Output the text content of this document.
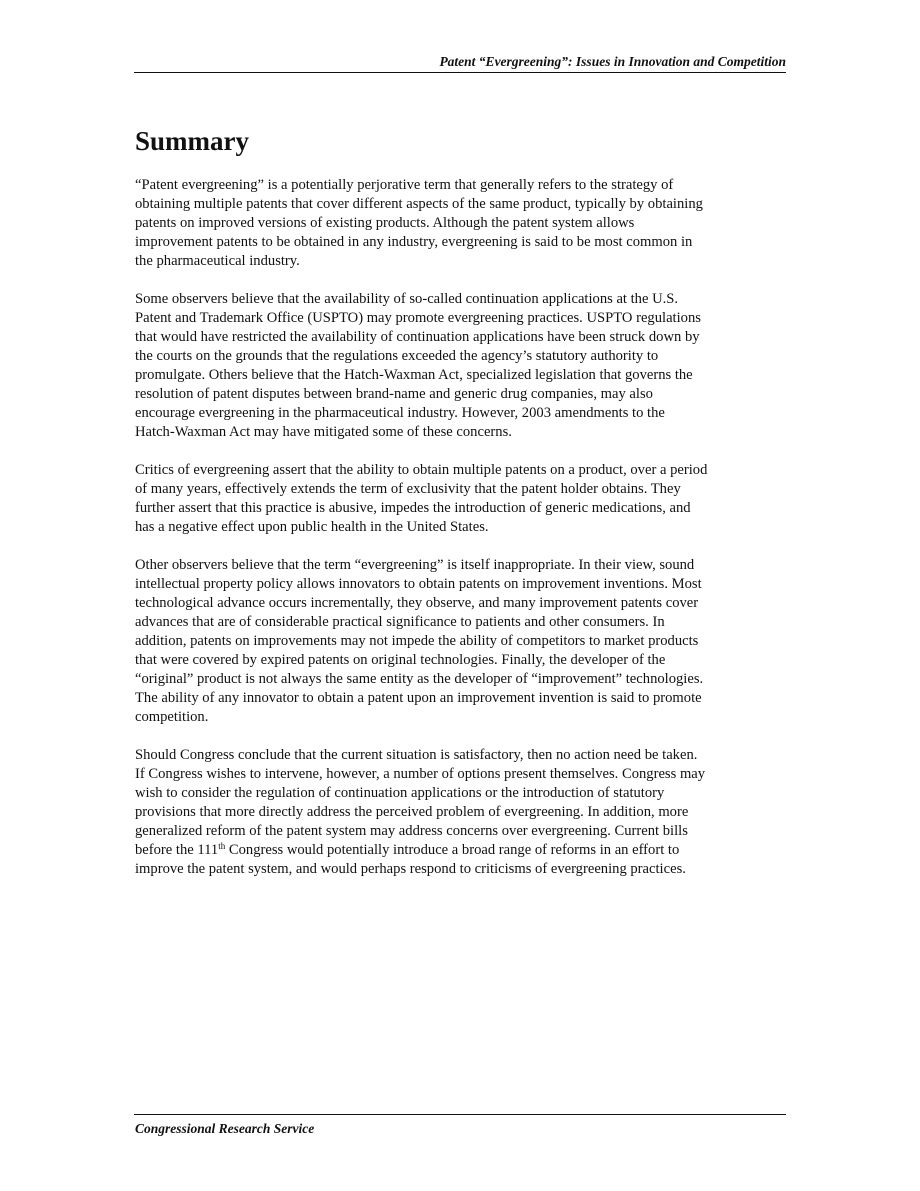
Patent “Evergreening”: Issues in Innovation and Competition
Summary

“Patent evergreening” is a potentially perjorative term that generally refers to the strategy of
obtaining multiple patents that cover different aspects of the same product, typically by obtaining
patents on improved versions of existing products. Although the patent system allows
improvement patents to be obtained in any industry, evergreening is said to be most common in
the pharmaceutical industry.

Some observers believe that the availability of so-called continuation applications at the U.S.
Patent and Trademark Office (USPTO) may promote evergreening practices. USPTO regulations
that would have restricted the availability of continuation applications have been struck down by
the courts on the grounds that the regulations exceeded the agency’s statutory authority to
promulgate. Others believe that the Hatch-Waxman Act, specialized legislation that governs the
resolution of patent disputes between brand-name and generic drug companies, may also
encourage evergreening in the pharmaceutical industry. However, 2003 amendments to the
Hatch-Waxman Act may have mitigated some of these concerns.

Critics of evergreening assert that the ability to obtain multiple patents on a product, over a period
of many years, effectively extends the term of exclusivity that the patent holder obtains. They
further assert that this practice is abusive, impedes the introduction of generic medications, and
has a negative effect upon public health in the United States.

Other observers believe that the term “evergreening” is itself inappropriate. In their view, sound
intellectual property policy allows innovators to obtain patents on improvement inventions. Most
technological advance occurs incrementally, they observe, and many improvement patents cover
advances that are of considerable practical significance to patients and other consumers. In
addition, patents on improvements may not impede the ability of competitors to market products
that were covered by expired patents on original technologies. Finally, the developer of the
“original” product is not always the same entity as the developer of “improvement” technologies.
The ability of any innovator to obtain a patent upon an improvement invention is said to promote
competition.

Should Congress conclude that the current situation is satisfactory, then no action need be taken.
If Congress wishes to intervene, however, a number of options present themselves. Congress may
wish to consider the regulation of continuation applications or the introduction of statutory
provisions that more directly address the perceived problem of evergreening. In addition, more
generalized reform of the patent system may address concerns over evergreening. Current bills
before the 111th Congress would potentially introduce a broad range of reforms in an effort to
improve the patent system, and would perhaps respond to criticisms of evergreening practices.

Congressional Research Service
